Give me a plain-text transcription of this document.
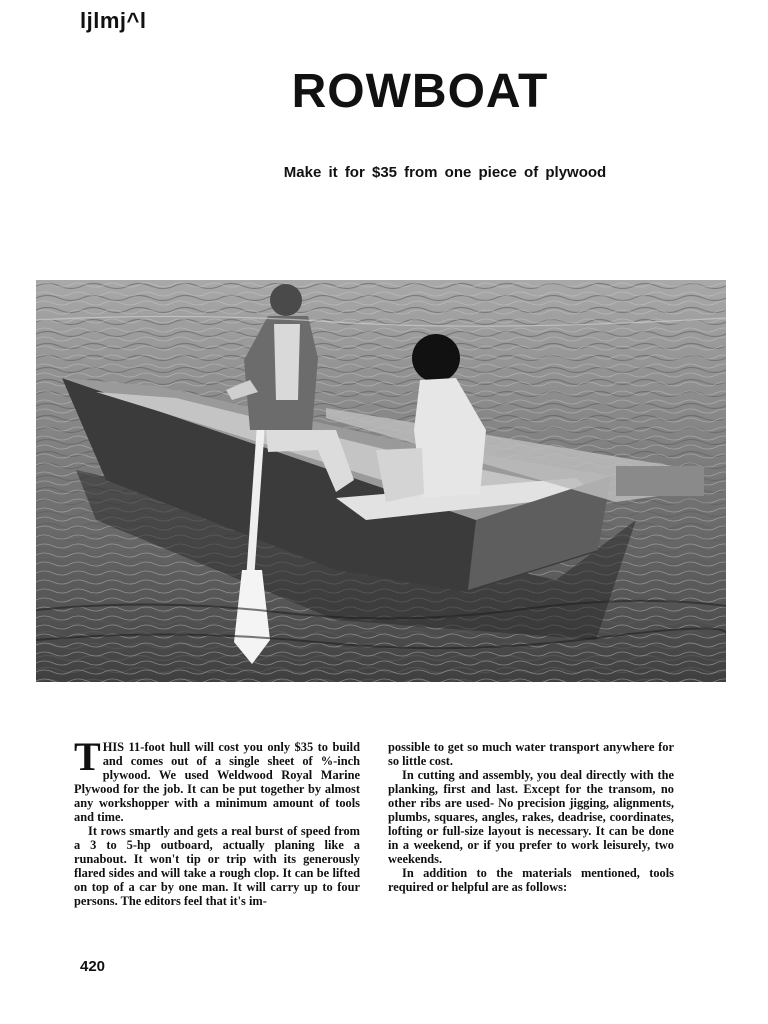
ljlmj^l
ROWBOAT
Make it for $35 from one piece of plywood

THIS 11-foot hull will cost you only $35 to build and comes out of a single sheet of %-inch plywood. We used Weldwood Royal Marine Plywood for the job. It can be put together by almost any workshopper with a minimum amount of tools and time.

It rows smartly and gets a real burst of speed from a 3 to 5-hp outboard, actually planing like a runabout. It won't tip or trip with its generously flared sides and will take a rough clop. It can be lifted on top of a car by one man. It will carry up to four persons. The editors feel that it's im-

possible to get so much water transport anywhere for so little cost.

In cutting and assembly, you deal directly with the planking, first and last. Except for the transom, no other ribs are used- No precision jigging, alignments, plumbs, squares, angles, rakes, deadrise, coordinates, lofting or full-size layout is necessary. It can be done in a weekend, or if you prefer to work leisurely, two weekends.

In addition to the materials mentioned, tools required or helpful are as follows:

420
